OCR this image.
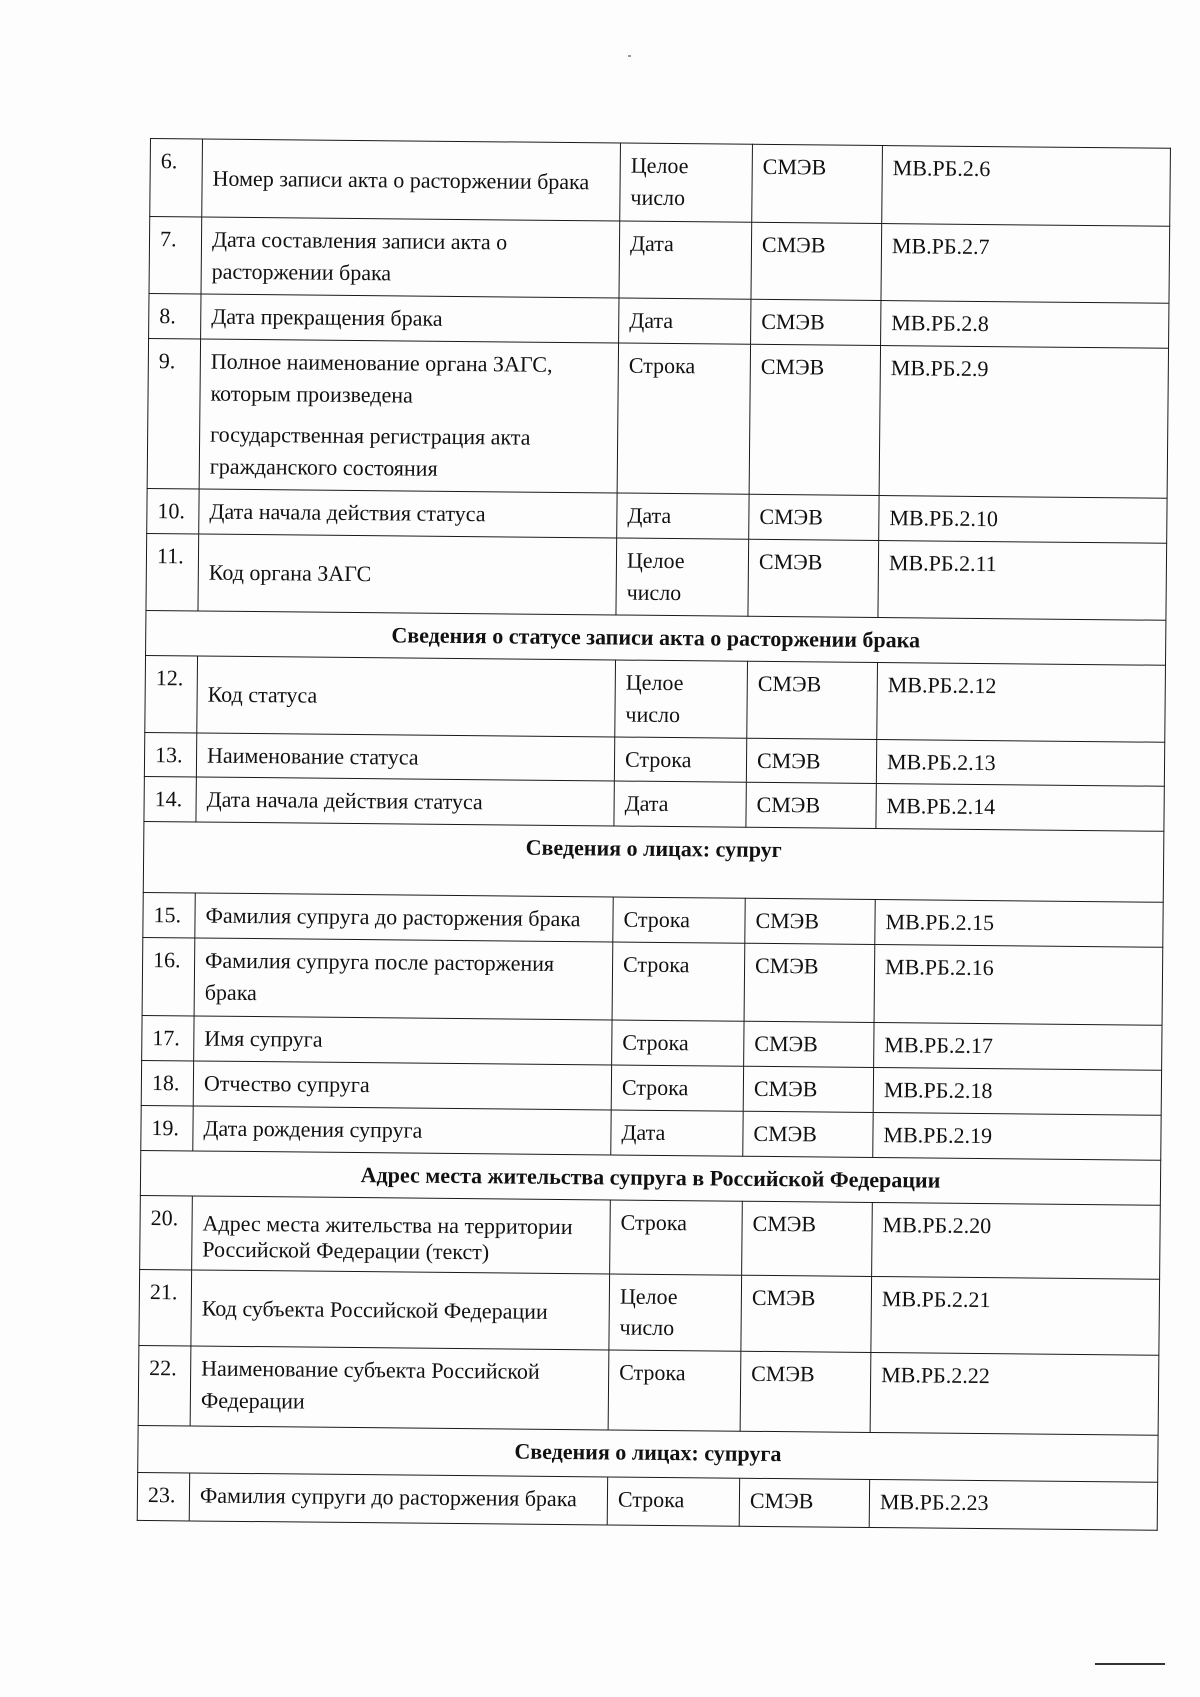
6.	Номер записи акта о расторжении брака	Целое
число	СМЭВ	МВ.РБ.2.6
7.	Дата составления записи акта о расторжении брака	Дата	СМЭВ	МВ.РБ.2.7
8.	Дата прекращения брака	Дата	СМЭВ	МВ.РБ.2.8
9.	Полное наименование органа ЗАГС, которым произведена
государственная регистрация акта гражданского состояния	Строка	СМЭВ	МВ.РБ.2.9
10.	Дата начала действия статуса	Дата	СМЭВ	МВ.РБ.2.10
11.	Код органа ЗАГС	Целое
число	СМЭВ	МВ.РБ.2.11
Сведения о статусе записи акта о расторжении брака				
12.	Код статуса	Целое
число	СМЭВ	МВ.РБ.2.12
13.	Наименование статуса	Строка	СМЭВ	МВ.РБ.2.13
14.	Дата начала действия статуса	Дата	СМЭВ	МВ.РБ.2.14
Сведения о лицах: супруг				
15.	Фамилия супруга до расторжения брака	Строка	СМЭВ	МВ.РБ.2.15
16.	Фамилия супруга после расторжения брака	Строка	СМЭВ	МВ.РБ.2.16
17.	Имя супруга	Строка	СМЭВ	МВ.РБ.2.17
18.	Отчество супруга	Строка	СМЭВ	МВ.РБ.2.18
19.	Дата рождения супруга	Дата	СМЭВ	МВ.РБ.2.19
Адрес места жительства супруга в Российской Федерации				
20.	Адрес места жительства на территории Российской Федерации (текст)	Строка	СМЭВ	МВ.РБ.2.20
21.	Код субъекта Российской Федерации	Целое
число	СМЭВ	МВ.РБ.2.21
22.	Наименование субъекта Российской Федерации	Строка	СМЭВ	МВ.РБ.2.22
Сведения о лицах: супруга				
23.	Фамилия супруги до расторжения брака	Строка	СМЭВ	МВ.РБ.2.23
